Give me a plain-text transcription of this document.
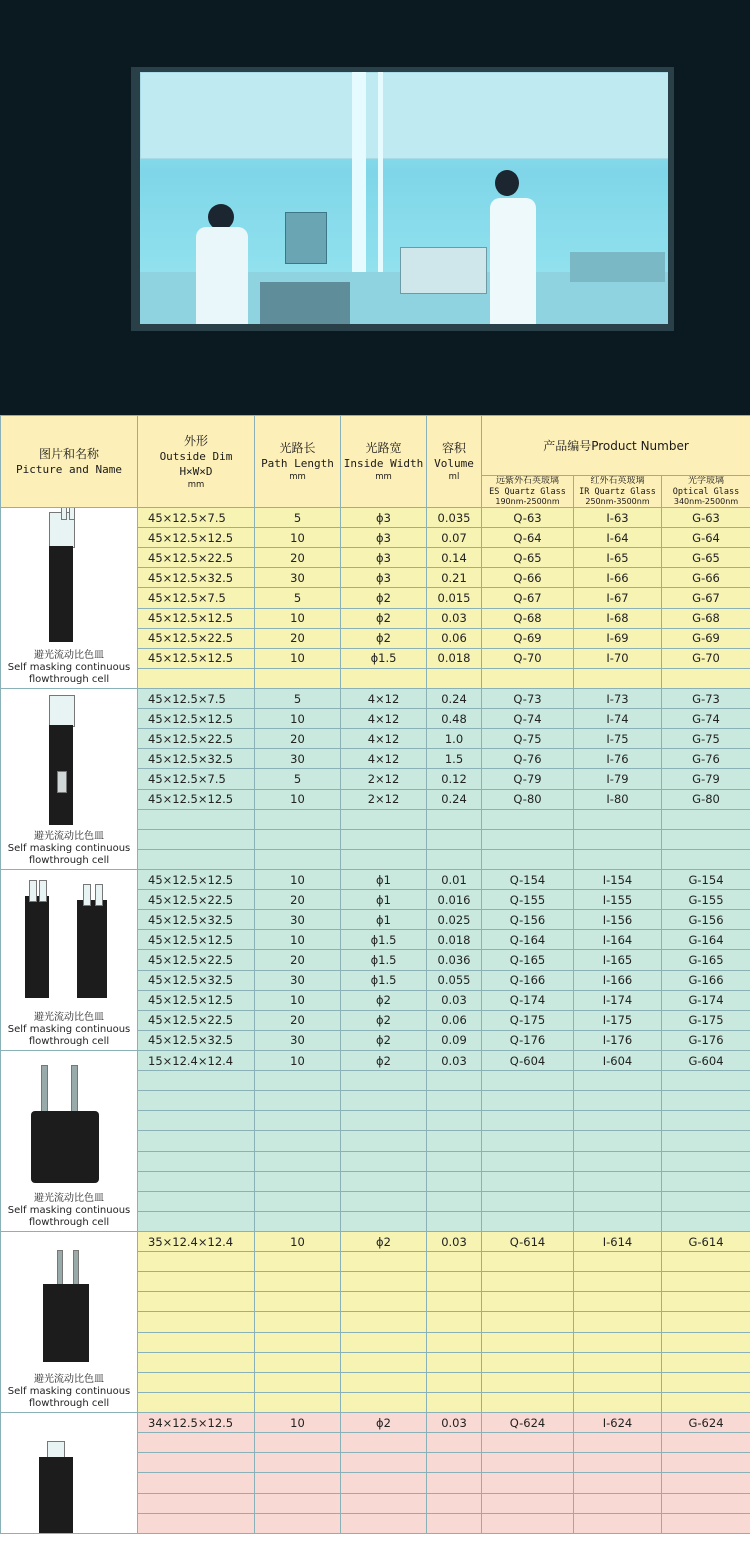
图片和名称
Picture and Name	外形
Outside Dim
H×W×D
mm	光路长
Path Length
mm	光路宽
Inside Width
mm	容积
Volume
ml	产品编号Product Number		

					远紫外石英玻璃
ES Quartz Glass
190nm-2500nm	红外石英玻璃
IR Quartz Glass
250nm-3500nm	光学玻璃
Optical Glass
340nm-2500nm

避光流动比色皿
Self masking continuous
flowthrough cell	45×12.5×7.5	5	ϕ3	0.035	Q-63	I-63	G-63
	45×12.5×12.5	10	ϕ3	0.07	Q-64	I-64	G-64
	45×12.5×22.5	20	ϕ3	0.14	Q-65	I-65	G-65
	45×12.5×32.5	30	ϕ3	0.21	Q-66	I-66	G-66
	45×12.5×7.5	5	ϕ2	0.015	Q-67	I-67	G-67
	45×12.5×12.5	10	ϕ2	0.03	Q-68	I-68	G-68
	45×12.5×22.5	20	ϕ2	0.06	Q-69	I-69	G-69
	45×12.5×12.5	10	ϕ1.5	0.018	Q-70	I-70	G-70

避光流动比色皿
Self masking continuous
flowthrough cell	45×12.5×7.5	5	4×12	0.24	Q-73	I-73	G-73
	45×12.5×12.5	10	4×12	0.48	Q-74	I-74	G-74
	45×12.5×22.5	20	4×12	1.0	Q-75	I-75	G-75
	45×12.5×32.5	30	4×12	1.5	Q-76	I-76	G-76
	45×12.5×7.5	5	2×12	0.12	Q-79	I-79	G-79
	45×12.5×12.5	10	2×12	0.24	Q-80	I-80	G-80

避光流动比色皿
Self masking continuous
flowthrough cell	45×12.5×12.5	10	ϕ1	0.01	Q-154	I-154	G-154
	45×12.5×22.5	20	ϕ1	0.016	Q-155	I-155	G-155
	45×12.5×32.5	30	ϕ1	0.025	Q-156	I-156	G-156
	45×12.5×12.5	10	ϕ1.5	0.018	Q-164	I-164	G-164
	45×12.5×22.5	20	ϕ1.5	0.036	Q-165	I-165	G-165
	45×12.5×32.5	30	ϕ1.5	0.055	Q-166	I-166	G-166
	45×12.5×12.5	10	ϕ2	0.03	Q-174	I-174	G-174
	45×12.5×22.5	20	ϕ2	0.06	Q-175	I-175	G-175
	45×12.5×32.5	30	ϕ2	0.09	Q-176	I-176	G-176

避光流动比色皿
Self masking continuous
flowthrough cell	15×12.4×12.4	10	ϕ2	0.03	Q-604	I-604	G-604

避光流动比色皿
Self masking continuous
flowthrough cell	35×12.4×12.4	10	ϕ2	0.03	Q-614	I-614	G-614

	34×12.5×12.5	10	ϕ2	0.03	Q-624	I-624	G-624
